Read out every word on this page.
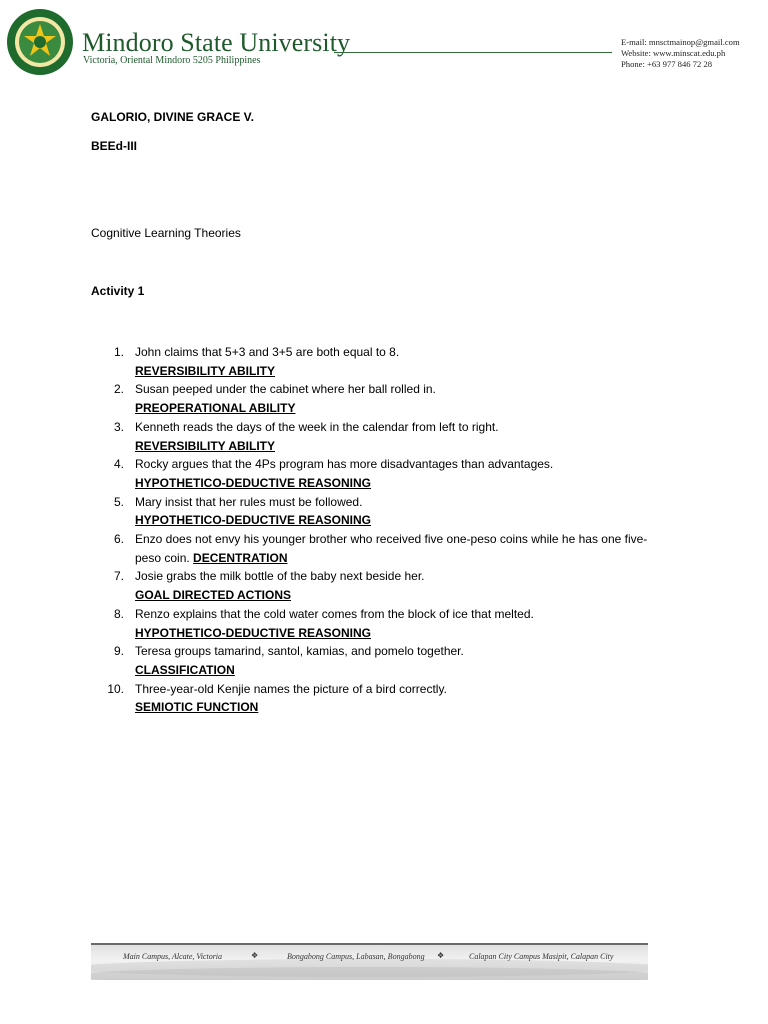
Mindoro State University
Victoria, Oriental Mindoro 5205 Philippines
E-mail: mnsctmainop@gmail.com
Website: www.minscat.edu.ph
Phone: +63 977 846 72 28
GALORIO, DIVINE GRACE V.
BEEd-III
Cognitive Learning Theories
Activity 1
1. John claims that 5+3 and 3+5 are both equal to 8.
REVERSIBILITY ABILITY
2. Susan peeped under the cabinet where her ball rolled in.
PREOPERATIONAL ABILITY
3. Kenneth reads the days of the week in the calendar from left to right.
REVERSIBILITY ABILITY
4. Rocky argues that the 4Ps program has more disadvantages than advantages.
HYPOTHETICO-DEDUCTIVE REASONING
5. Mary insist that her rules must be followed.
HYPOTHETICO-DEDUCTIVE REASONING
6. Enzo does not envy his younger brother who received five one-peso coins while he has one five-
peso coin. DECENTRATION
7. Josie grabs the milk bottle of the baby next beside her.
GOAL DIRECTED ACTIONS
8. Renzo explains that the cold water comes from the block of ice that melted.
HYPOTHETICO-DEDUCTIVE REASONING
9. Teresa groups tamarind, santol, kamias, and pomelo together.
CLASSIFICATION
10. Three-year-old Kenjie names the picture of a bird correctly.
SEMIOTIC FUNCTION
Main Campus, Alcate, Victoria	❖	Bongabong Campus, Labasan, Bongabong ❖	Calapan City Campus Masipit, Calapan City
